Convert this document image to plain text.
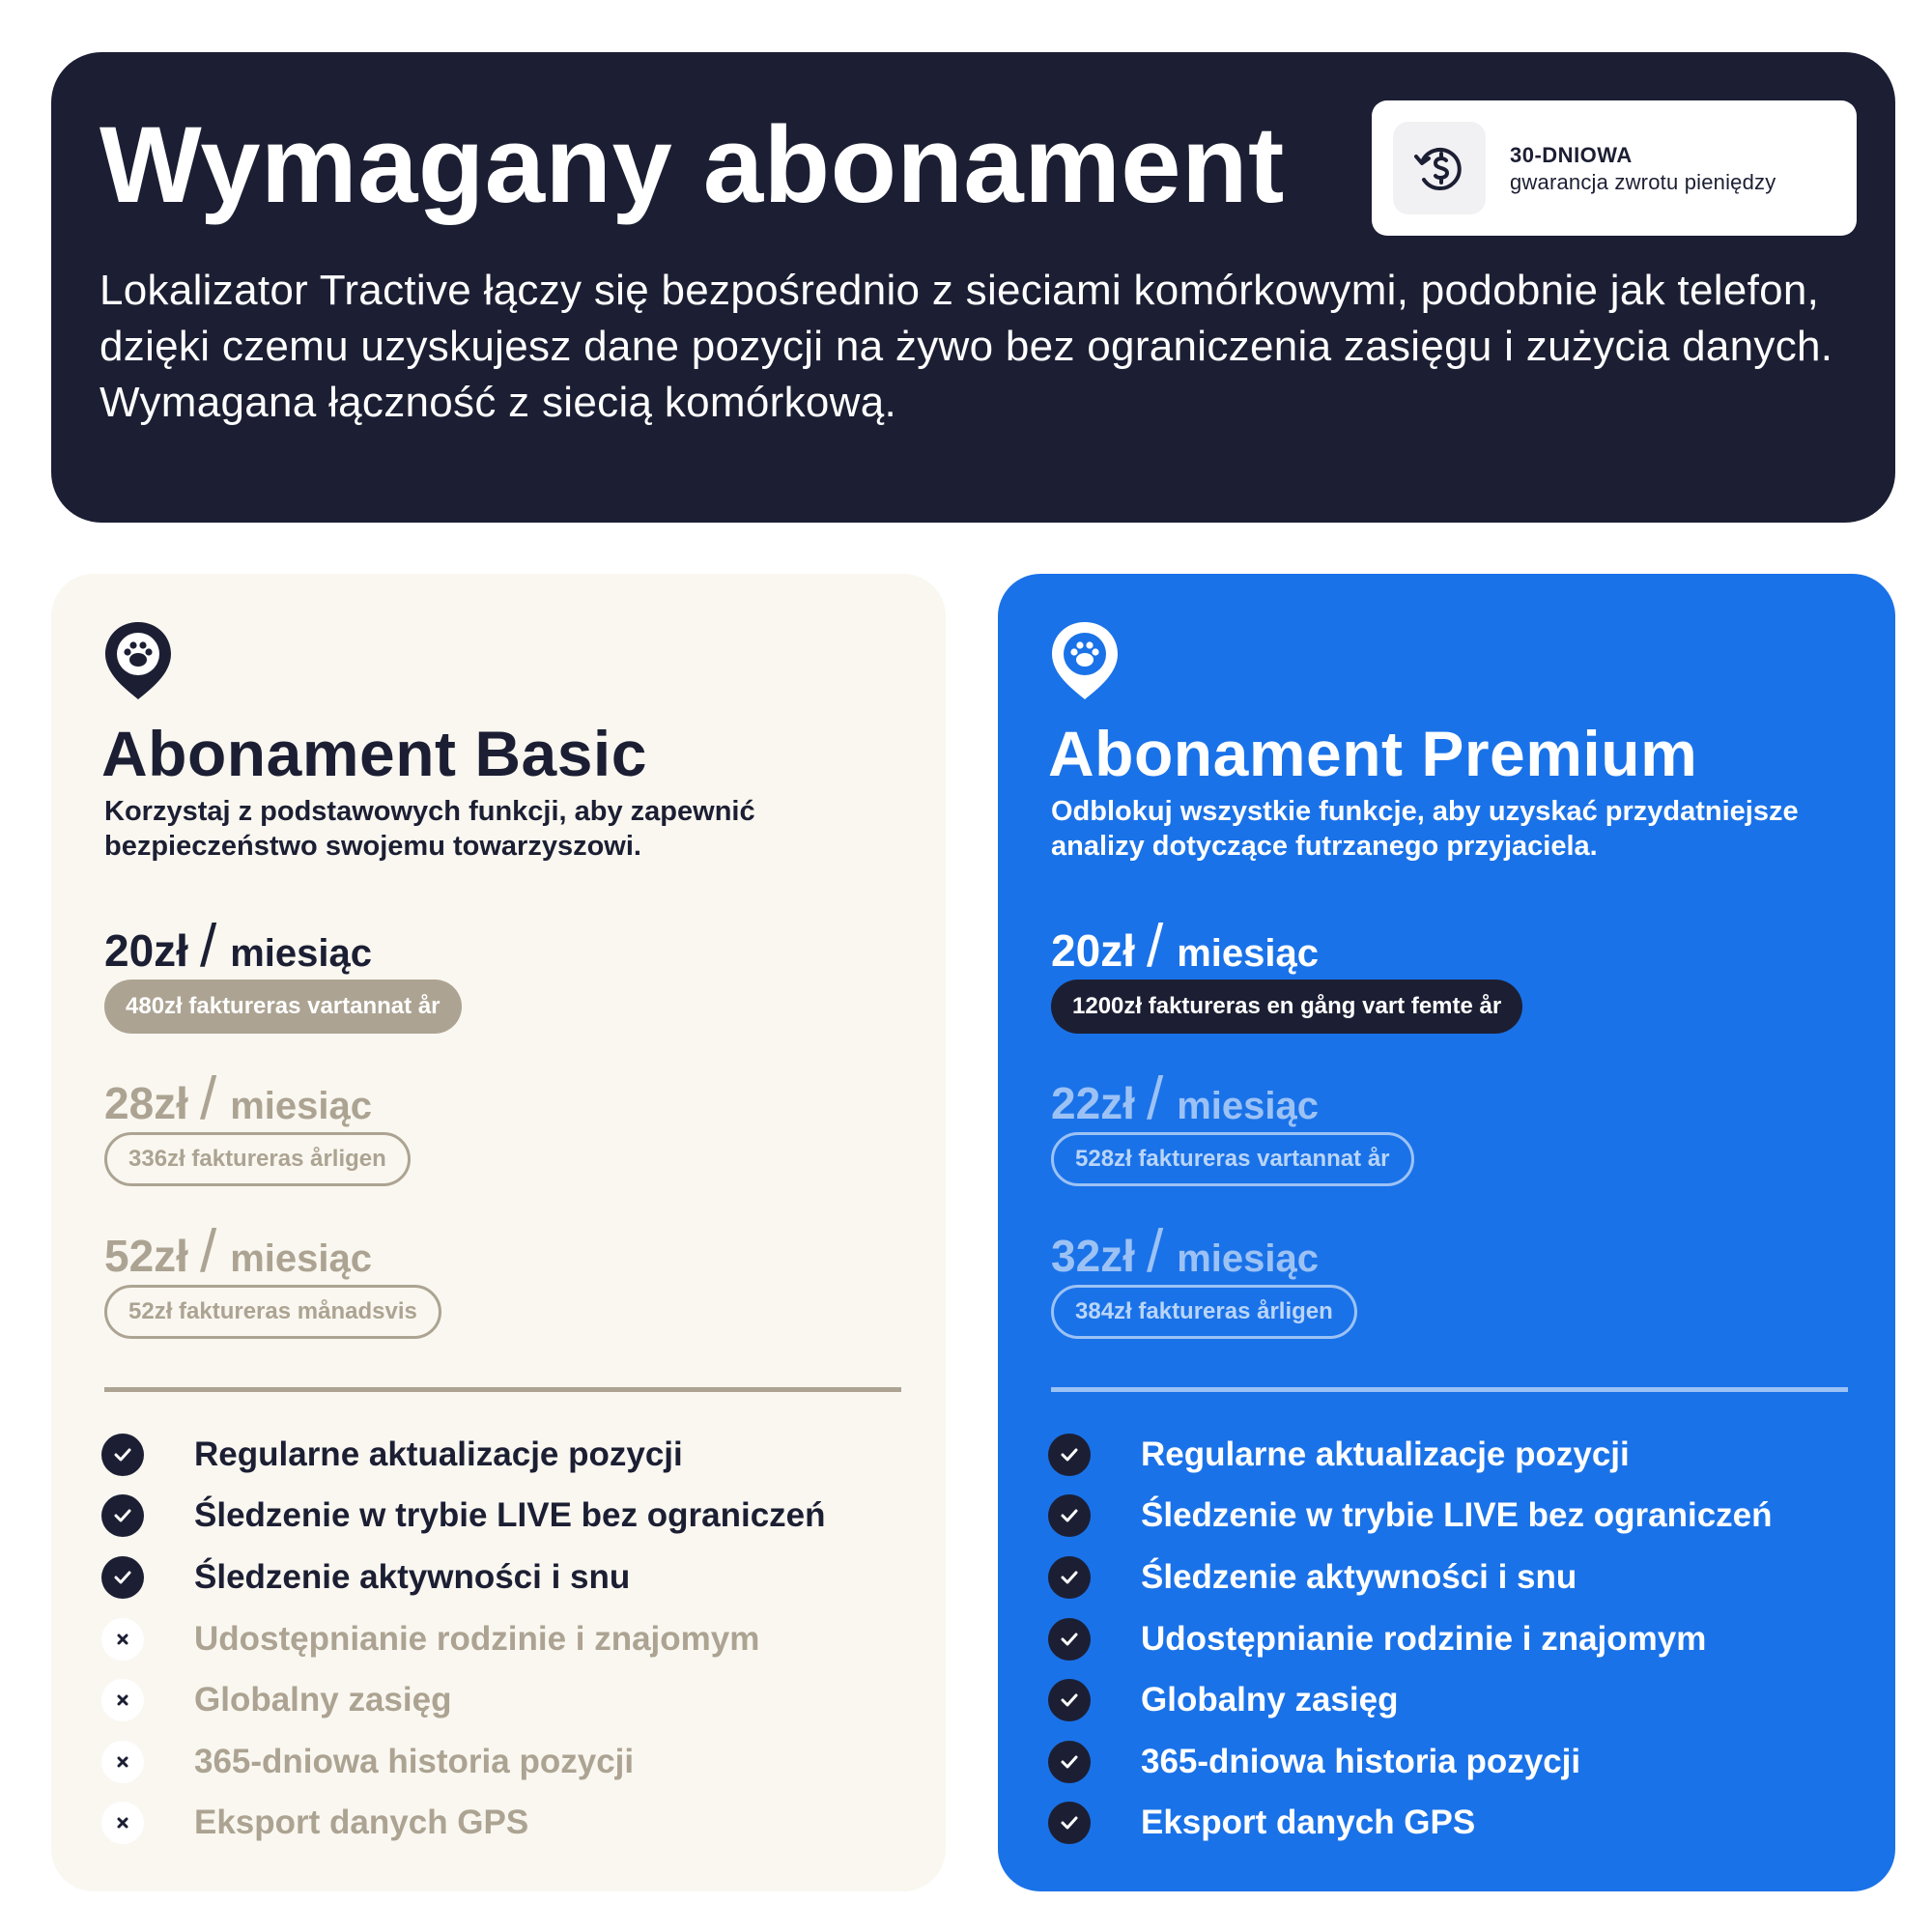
Wymagany abonament

Lokalizator Tractive łączy się bezpośrednio z sieciami komórkowymi, podobnie jak telefon, dzięki czemu uzyskujesz dane pozycji na żywo bez ograniczenia zasięgu i zużycia danych. Wymagana łączność z siecią komórkową.

30-DNIOWA
gwarancja zwrotu pieniędzy
Abonament Basic

Korzystaj z podstawowych funkcji, aby zapewnić bezpieczeństwo swojemu towarzyszowi.

20zł / miesiąc
480zł faktureras vartannat år
28zł / miesiąc
336zł faktureras årligen
52zł / miesiąc
52zł faktureras månadsvis
Regularne aktualizacje pozycji
Śledzenie w trybie LIVE bez ograniczeń
Śledzenie aktywności i snu
Udostępnianie rodzinie i znajomym
Globalny zasięg
365-dniowa historia pozycji
Eksport danych GPS
Abonament Premium

Odblokuj wszystkie funkcje, aby uzyskać przydatniejsze analizy dotyczące futrzanego przyjaciela.

20zł / miesiąc
1200zł faktureras en gång vart femte år
22zł / miesiąc
528zł faktureras vartannat år
32zł / miesiąc
384zł faktureras årligen
Regularne aktualizacje pozycji
Śledzenie w trybie LIVE bez ograniczeń
Śledzenie aktywności i snu
Udostępnianie rodzinie i znajomym
Globalny zasięg
365-dniowa historia pozycji
Eksport danych GPS
